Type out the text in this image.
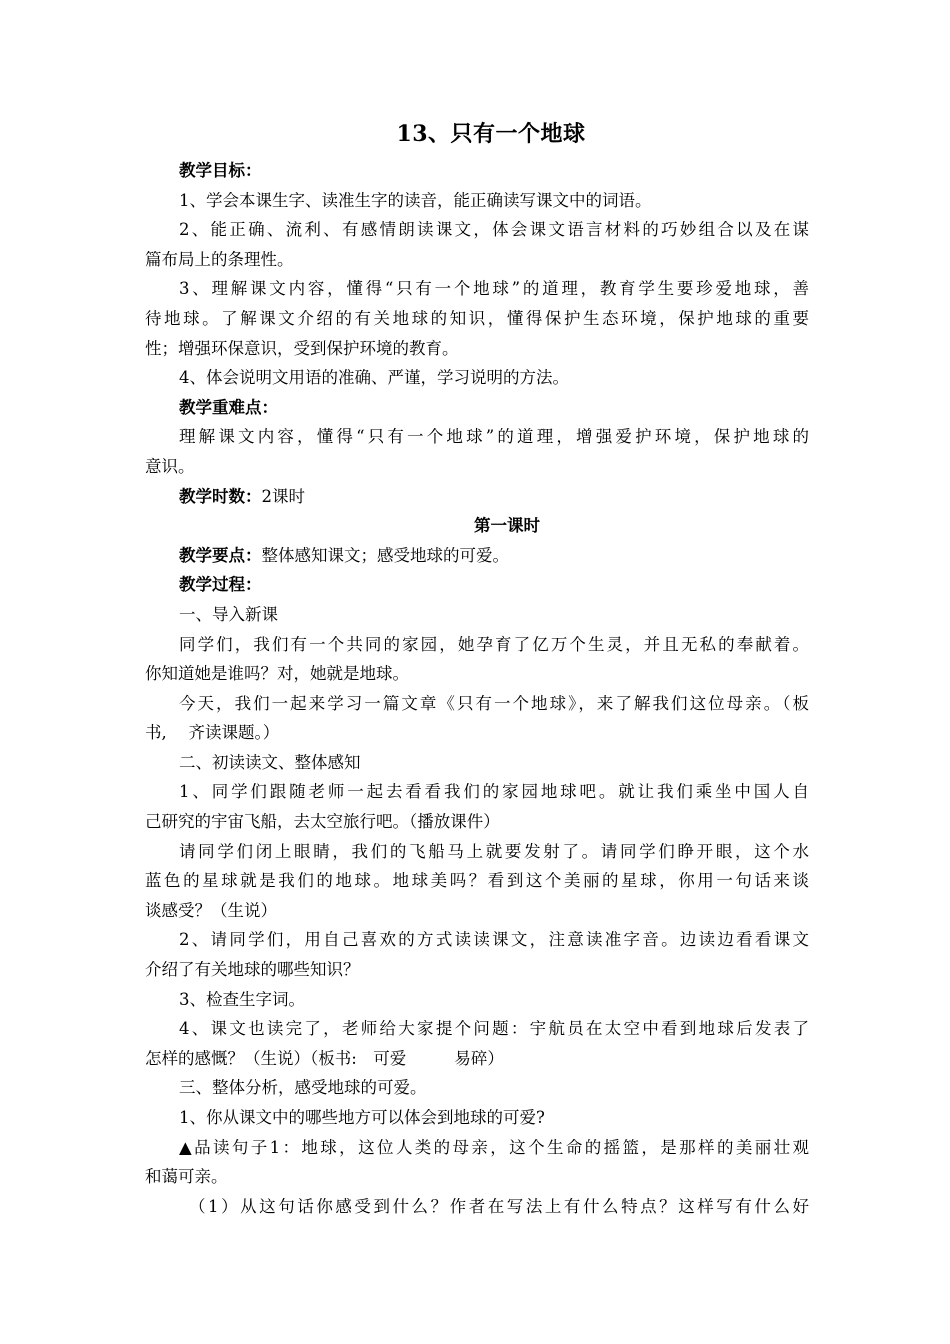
13、只有一个地球
教学目标：
1、学会本课生字、读准生字的读音，能正确读写课文中的词语。
2、能正确、流利、有感情朗读课文，体会课文语言材料的巧妙组合以及在谋
篇布局上的条理性。
3、理解课文内容，懂得“只有一个地球”的道理，教育学生要珍爱地球，善
待地球。了解课文介绍的有关地球的知识，懂得保护生态环境，保护地球的重要
性；增强环保意识，受到保护环境的教育。
4、体会说明文用语的准确、严谨，学习说明的方法。
教学重难点：
理解课文内容，懂得“只有一个地球”的道理，增强爱护环境，保护地球的
意识。
教学时数：2课时
第一课时
教学要点：整体感知课文；感受地球的可爱。
教学过程：
一、导入新课
同学们，我们有一个共同的家园，她孕育了亿万个生灵，并且无私的奉献着。
你知道她是谁吗？对，她就是地球。
今天，我们一起来学习一篇文章《只有一个地球》，来了解我们这位母亲。（板
书,　 齐读课题。）
二、初读读文、整体感知
1、同学们跟随老师一起去看看我们的家园地球吧。就让我们乘坐中国人自
己研究的宇宙飞船，去太空旅行吧。（播放课件）
请同学们闭上眼睛，我们的飞船马上就要发射了。请同学们睁开眼，这个水
蓝色的星球就是我们的地球。地球美吗？看到这个美丽的星球，你用一句话来谈
谈感受？（生说）
2、请同学们，用自己喜欢的方式读读课文，注意读准字音。边读边看看课文
介绍了有关地球的哪些知识？
3、检查生字词。
4、课文也读完了，老师给大家提个问题：宇航员在太空中看到地球后发表了
怎样的感慨？（生说）（板书:　可爱	易碎）
三、整体分析，感受地球的可爱。
1、你从课文中的哪些地方可以体会到地球的可爱?
▲品读句子1：地球，这位人类的母亲，这个生命的摇篮，是那样的美丽壮观
和蔼可亲。
（1）从这句话你感受到什么？作者在写法上有什么特点？这样写有什么好
